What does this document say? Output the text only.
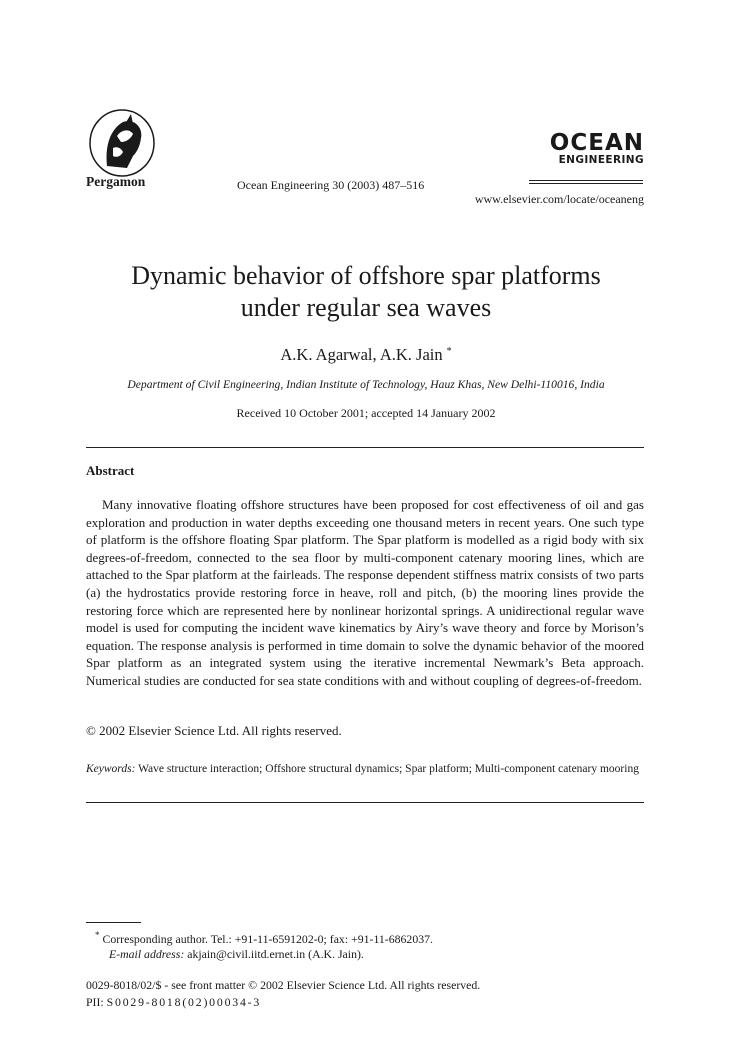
Pergamon	Ocean Engineering 30 (2003) 487–516
OCEAN
ENGINEERING
www.elsevier.com/locate/oceaneng
Dynamic behavior of offshore spar platforms
under regular sea waves
A.K. Agarwal, A.K. Jain *
Department of Civil Engineering, Indian Institute of Technology, Hauz Khas, New Delhi-110016, India
Received 10 October 2001; accepted 14 January 2002
Abstract

Many innovative floating offshore structures have been proposed for cost effectiveness of oil and gas exploration and production in water depths exceeding one thousand meters in recent years. One such type of platform is the offshore floating Spar platform. The Spar platform is modelled as a rigid body with six degrees-of-freedom, connected to the sea floor by multi-component catenary mooring lines, which are attached to the Spar platform at the fairleads. The response dependent stiffness matrix consists of two parts (a) the hydrostatics provide restoring force in heave, roll and pitch, (b) the mooring lines provide the restoring force which are represented here by nonlinear horizontal springs. A unidirectional regular wave model is used for computing the incident wave kinematics by Airy’s wave theory and force by Morison’s equation. The response analysis is performed in time domain to solve the dynamic behavior of the moored Spar platform as an integrated system using the iterative incremental Newmark’s Beta approach. Numerical studies are conducted for sea state conditions with and without coupling of degrees-of-freedom.

© 2002 Elsevier Science Ltd. All rights reserved.
Keywords: Wave structure interaction; Offshore structural dynamics; Spar platform; Multi-component catenary mooring
* Corresponding author. Tel.: +91-11-6591202-0; fax: +91-11-6862037.
E-mail address: akjain@civil.iitd.ernet.in (A.K. Jain).
0029-8018/02/$ - see front matter © 2002 Elsevier Science Ltd. All rights reserved.
PII: S0029-8018(02)00034-3
